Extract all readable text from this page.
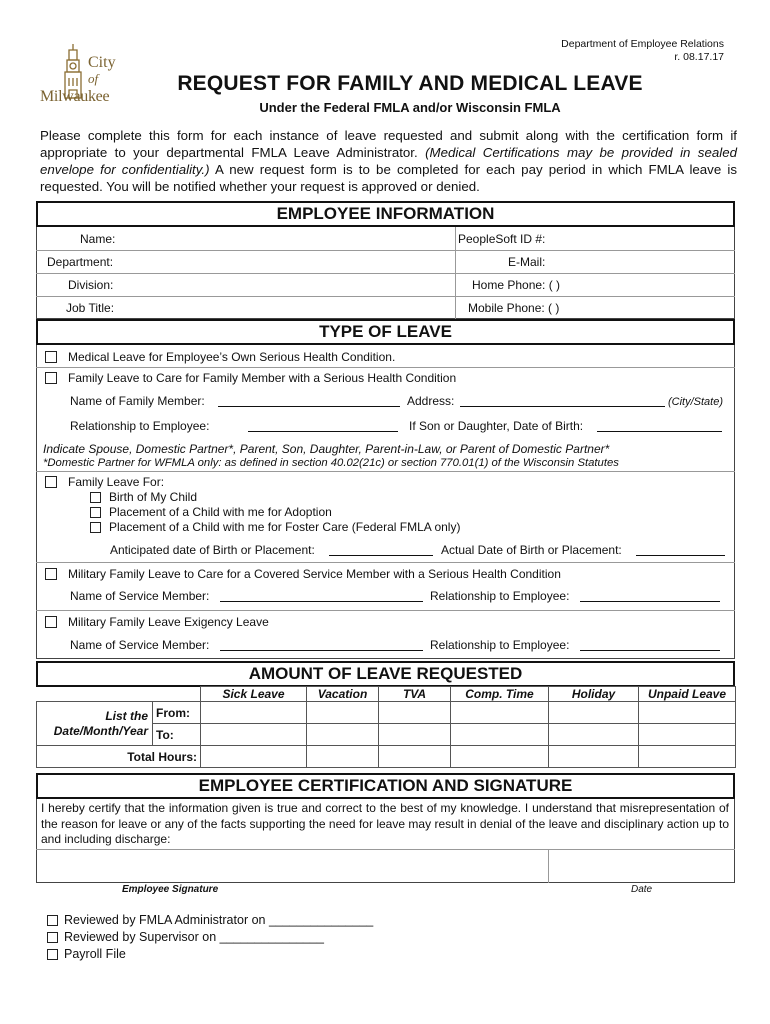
Department of Employee Relations
r. 08.17.17
City
of
Milwaukee
REQUEST FOR FAMILY AND MEDICAL LEAVE
Under the Federal FMLA and/or Wisconsin FMLA
Please complete this form for each instance of leave requested and submit along with the certification form if appropriate to your departmental FMLA Leave Administrator. (Medical Certifications may be provided in sealed envelope for confidentiality.) A new request form is to be completed for each pay period in which FMLA leave is requested. You will be notified whether your request is approved or denied.
EMPLOYEE INFORMATION
Name:	PeopleSoft ID #:
Department:	E-Mail:
Division:	Home Phone: ( )
Job Title:	Mobile Phone: ( )
TYPE OF LEAVE
Medical Leave for Employee’s Own Serious Health Condition.
Family Leave to Care for Family Member with a Serious Health Condition
Name of Family Member:	Address:	(City/State)
Relationship to Employee:	If Son or Daughter, Date of Birth:
Indicate Spouse, Domestic Partner*, Parent, Son, Daughter, Parent-in-Law, or Parent of Domestic Partner*
*Domestic Partner for WFMLA only: as defined in section 40.02(21c) or section 770.01(1) of the Wisconsin Statutes
Family Leave For:
Birth of My Child
Placement of a Child with me for Adoption
Placement of a Child with me for Foster Care (Federal FMLA only)
Anticipated date of Birth or Placement:	Actual Date of Birth or Placement:
Military Family Leave to Care for a Covered Service Member with a Serious Health Condition
Name of Service Member:	Relationship to Employee:
Military Family Leave Exigency Leave
Name of Service Member:	Relationship to Employee:
AMOUNT OF LEAVE REQUESTED
		Sick Leave	Vacation	TVA	Comp. Time	Holiday	Unpaid Leave
List the
Date/Month/Year	From:						
	To:						
Total Hours:							
EMPLOYEE CERTIFICATION AND SIGNATURE
I hereby certify that the information given is true and correct to the best of my knowledge. I understand that misrepresentation of the reason for leave or any of the facts supporting the need for leave may result in denial of the leave and disciplinary action up to and including discharge:
Employee Signature	Date
Reviewed by FMLA Administrator on _______________
Reviewed by Supervisor on _______________
Payroll File
